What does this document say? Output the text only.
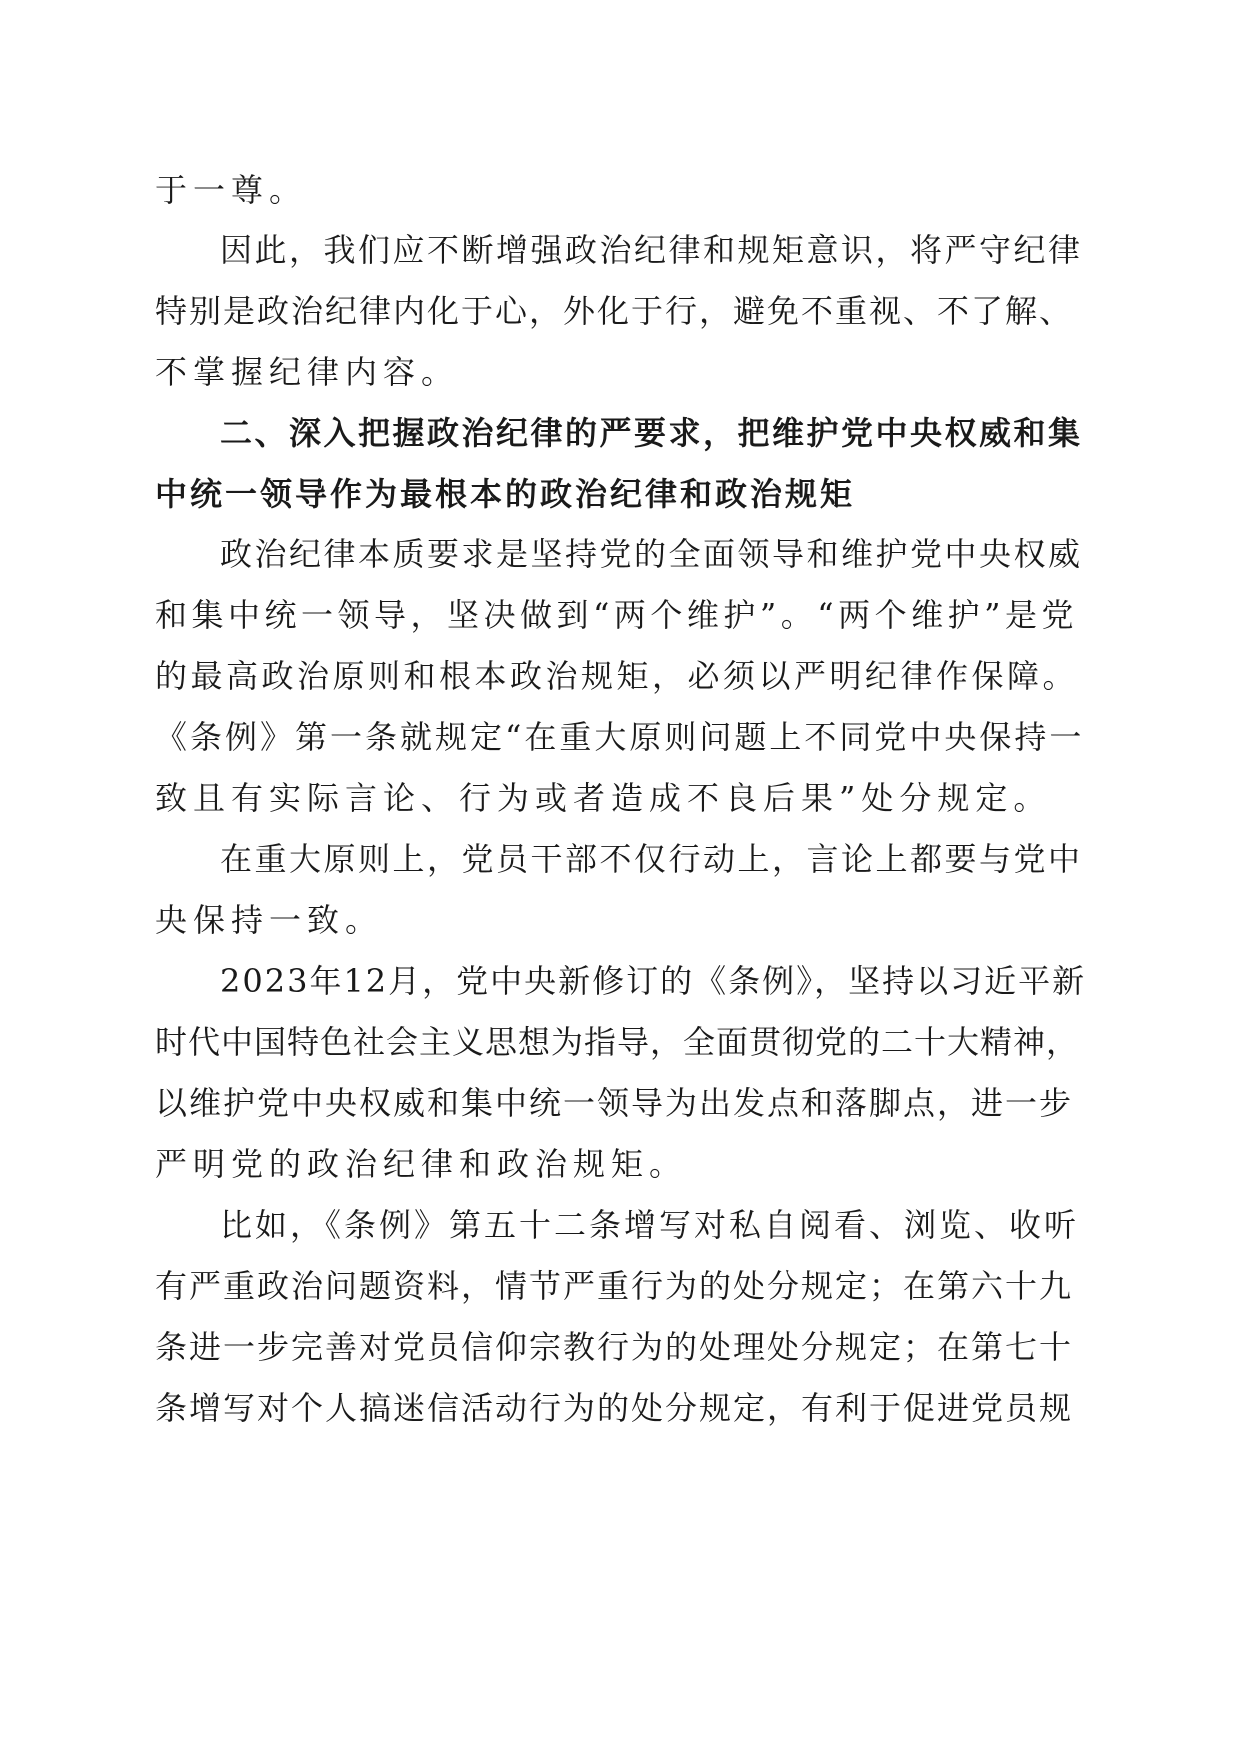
于一尊。
因此，我们应不断增强政治纪律和规矩意识，将严守纪律
特别是政治纪律内化于心，外化于行，避免不重视、不了解、
不掌握纪律内容。
二、深入把握政治纪律的严要求，把维护党中央权威和集
中统一领导作为最根本的政治纪律和政治规矩
政治纪律本质要求是坚持党的全面领导和维护党中央权威
和集中统一领导，坚决做到“两个维护”。“两个维护”是党
的最高政治原则和根本政治规矩，必须以严明纪律作保障。
《条例》第一条就规定“在重大原则问题上不同党中央保持一
致且有实际言论、行为或者造成不良后果”处分规定。
在重大原则上，党员干部不仅行动上，言论上都要与党中
央保持一致。
2023年12月，党中央新修订的《条例》，坚持以习近平新
时代中国特色社会主义思想为指导，全面贯彻党的二十大精神，
以维护党中央权威和集中统一领导为出发点和落脚点，进一步
严明党的政治纪律和政治规矩。
比如，《条例》第五十二条增写对私自阅看、浏览、收听
有严重政治问题资料，情节严重行为的处分规定；在第六十九
条进一步完善对党员信仰宗教行为的处理处分规定；在第七十
条增写对个人搞迷信活动行为的处分规定，有利于促进党员规
